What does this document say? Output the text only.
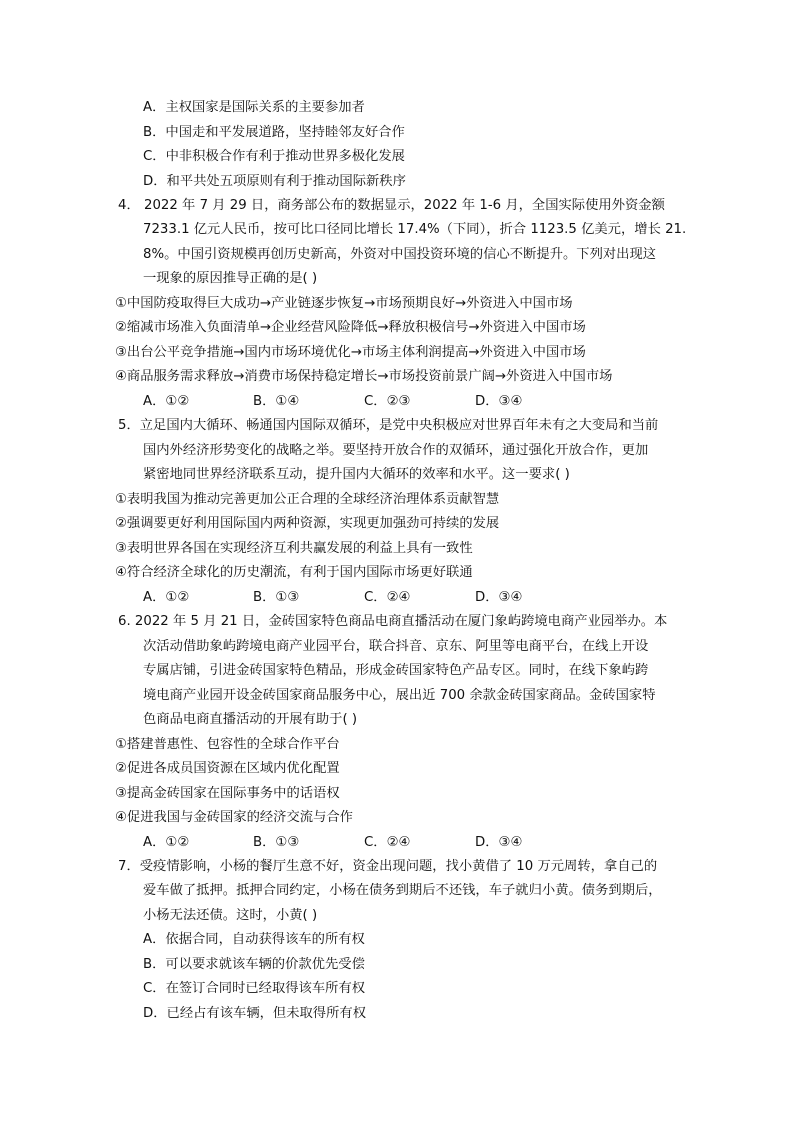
A．主权国家是国际关系的主要参加者
B．中国走和平发展道路，坚持睦邻友好合作
C．中非积极合作有利于推动世界多极化发展
D．和平共处五项原则有利于推动国际新秩序
4． 2022 年 7 月 29 日，商务部公布的数据显示，2022 年 1-6 月，全国实际使用外资金额
7233.1 亿元人民币，按可比口径同比增长 17.4%（下同），折合 1123.5 亿美元，增长 21.
8%。中国引资规模再创历史新高，外资对中国投资环境的信心不断提升。下列对出现这
一现象的原因推导正确的是( )
①中国防疫取得巨大成功→产业链逐步恢复→市场预期良好→外资进入中国市场
②缩减市场准入负面清单→企业经营风险降低→释放积极信号→外资进入中国市场
③出台公平竞争措施→国内市场环境优化→市场主体利润提高→外资进入中国市场
④商品服务需求释放→消费市场保持稳定增长→市场投资前景广阔→外资进入中国市场
A．①②	B．①④	C．②③	D．③④
5．立足国内大循环、畅通国内国际双循环，是党中央积极应对世界百年未有之大变局和当前
国内外经济形势变化的战略之举。要坚持开放合作的双循环，通过强化开放合作，更加
紧密地同世界经济联系互动，提升国内大循环的效率和水平。这一要求( )
①表明我国为推动完善更加公正合理的全球经济治理体系贡献智慧
②强调要更好利用国际国内两种资源，实现更加强劲可持续的发展
③表明世界各国在实现经济互利共赢发展的利益上具有一致性
④符合经济全球化的历史潮流，有利于国内国际市场更好联通
A．①②	B．①③	C．②④	D．③④
6. 2022 年 5 月 21 日，金砖国家特色商品电商直播活动在厦门象屿跨境电商产业园举办。本
次活动借助象屿跨境电商产业园平台，联合抖音、京东、阿里等电商平台，在线上开设
专属店铺，引进金砖国家特色精品，形成金砖国家特色产品专区。同时，在线下象屿跨
境电商产业园开设金砖国家商品服务中心，展出近 700 余款金砖国家商品。金砖国家特
色商品电商直播活动的开展有助于( )
①搭建普惠性、包容性的全球合作平台
②促进各成员国资源在区域内优化配置
③提高金砖国家在国际事务中的话语权
④促进我国与金砖国家的经济交流与合作
A．①②	B．①③	C．②④	D．③④
7．受疫情影响，小杨的餐厅生意不好，资金出现问题，找小黄借了 10 万元周转，拿自己的
爱车做了抵押。抵押合同约定，小杨在债务到期后不还钱，车子就归小黄。债务到期后，
小杨无法还债。这时，小黄( )
A．依据合同，自动获得该车的所有权
B．可以要求就该车辆的价款优先受偿
C．在签订合同时已经取得该车所有权
D．已经占有该车辆，但未取得所有权
